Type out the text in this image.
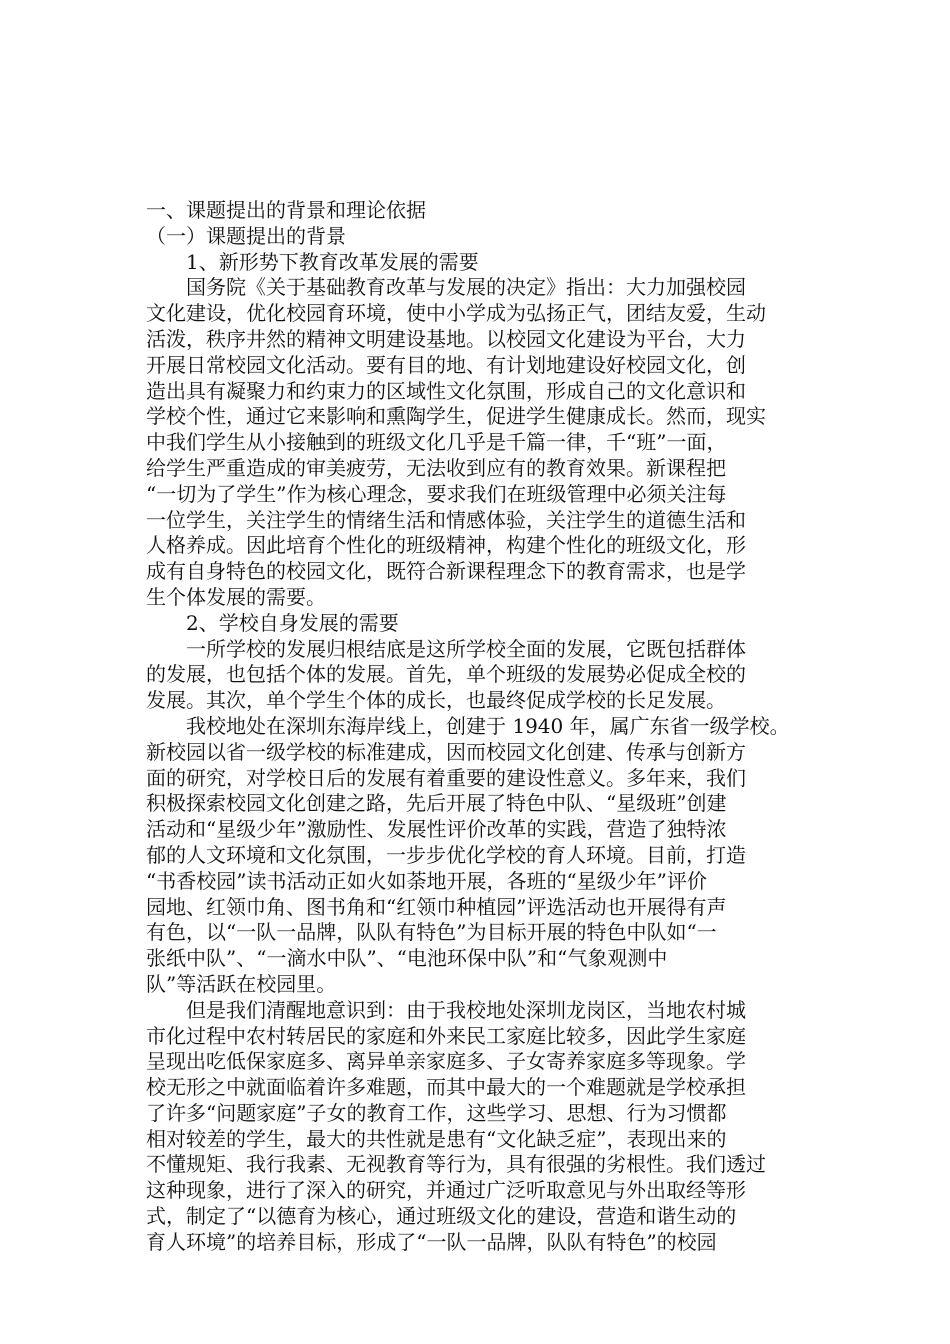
一、课题提出的背景和理论依据
（一）课题提出的背景
1、新形势下教育改革发展的需要
国务院《关于基础教育改革与发展的决定》指出：大力加强校园
文化建设，优化校园育环境，使中小学成为弘扬正气，团结友爱，生动
活泼，秩序井然的精神文明建设基地。以校园文化建设为平台，大力
开展日常校园文化活动。要有目的地、有计划地建设好校园文化，创
造出具有凝聚力和约束力的区域性文化氛围，形成自己的文化意识和
学校个性，通过它来影响和熏陶学生，促进学生健康成长。然而，现实
中我们学生从小接触到的班级文化几乎是千篇一律，千“班”一面，
给学生严重造成的审美疲劳，无法收到应有的教育效果。新课程把
“一切为了学生”作为核心理念，要求我们在班级管理中必须关注每
一位学生，关注学生的情绪生活和情感体验，关注学生的道德生活和
人格养成。因此培育个性化的班级精神，构建个性化的班级文化，形
成有自身特色的校园文化，既符合新课程理念下的教育需求，也是学
生个体发展的需要。
2、学校自身发展的需要
一所学校的发展归根结底是这所学校全面的发展，它既包括群体
的发展，也包括个体的发展。首先，单个班级的发展势必促成全校的
发展。其次，单个学生个体的成长，也最终促成学校的长足发展。
我校地处在深圳东海岸线上，创建于 1940 年，属广东省一级学校。
新校园以省一级学校的标准建成，因而校园文化创建、传承与创新方
面的研究，对学校日后的发展有着重要的建设性意义。多年来，我们
积极探索校园文化创建之路，先后开展了特色中队、“星级班”创建
活动和“星级少年”激励性、发展性评价改革的实践，营造了独特浓
郁的人文环境和文化氛围，一步步优化学校的育人环境。目前，打造
“书香校园”读书活动正如火如荼地开展，各班的“星级少年”评价
园地、红领巾角、图书角和“红领巾种植园”评选活动也开展得有声
有色，以“一队一品牌，队队有特色”为目标开展的特色中队如“一
张纸中队”、“一滴水中队”、“电池环保中队”和“气象观测中
队”等活跃在校园里。
但是我们清醒地意识到：由于我校地处深圳龙岗区，当地农村城
市化过程中农村转居民的家庭和外来民工家庭比较多，因此学生家庭
呈现出吃低保家庭多、离异单亲家庭多、子女寄养家庭多等现象。学
校无形之中就面临着许多难题，而其中最大的一个难题就是学校承担
了许多“问题家庭”子女的教育工作，这些学习、思想、行为习惯都
相对较差的学生，最大的共性就是患有“文化缺乏症”，表现出来的
不懂规矩、我行我素、无视教育等行为，具有很强的劣根性。我们透过
这种现象，进行了深入的研究，并通过广泛听取意见与外出取经等形
式，制定了“以德育为核心，通过班级文化的建设，营造和谐生动的
育人环境”的培养目标，形成了“一队一品牌，队队有特色”的校园
